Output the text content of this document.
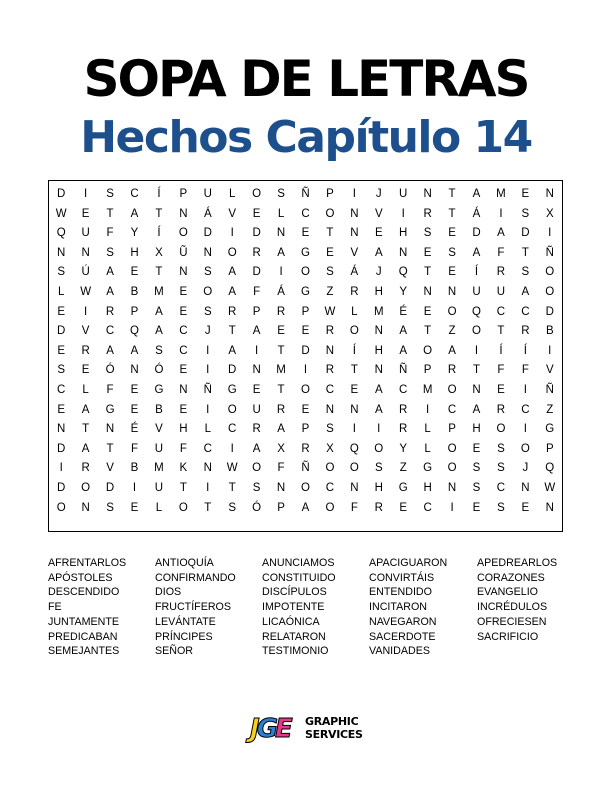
SOPA DE LETRAS
Hechos Capítulo 14
D	I	S	C	Í	P	U	L	O	S	Ñ	P	I	J	U	N	T	A	M	E	N
W	E	T	A	T	N	Á	V	E	L	C	O	N	V	I	R	T	Á	I	S	X
Q	U	F	Y	Í	O	D	I	D	N	E	T	N	E	H	S	E	D	A	D	I
N	N	S	H	X	Ũ	N	O	R	A	G	E	V	A	N	E	S	A	F	T	Ñ
S	Ú	A	E	T	N	S	A	D	I	O	S	Á	J	Q	T	E	Í	R	S	O
L	W	A	B	M	E	O	A	F	Á	G	Z	R	H	Y	N	N	U	U	A	O
E	I	R	P	A	E	S	R	P	R	P	W	L	M	É	E	O	Q	C	C	D
D	V	C	Q	A	C	J	T	A	E	E	R	O	N	A	T	Z	O	T	R	B
E	R	A	A	S	C	I	A	I	T	D	N	Í	H	A	O	A	I	Í	Í	I
S	E	Ó	N	Ó	E	I	D	N	M	I	R	T	N	Ñ	P	R	T	F	F	V
C	L	F	E	G	N	Ñ	G	E	T	O	C	E	A	C	M	O	N	E	I	Ñ
E	A	G	E	B	E	I	O	U	R	E	N	N	A	R	I	C	A	R	C	Z
N	T	N	É	V	H	L	C	R	A	P	S	I	I	R	L	P	H	O	I	G
D	A	T	F	U	F	C	I	A	X	R	X	Q	O	Y	L	O	E	S	O	P
I	R	V	B	M	K	N	W	O	F	Ñ	O	O	S	Z	G	O	S	S	J	Q
D	O	D	I	U	T	I	T	S	N	O	C	N	H	G	H	N	S	C	N	W
O	N	S	E	L	O	T	S	Ó	P	A	O	F	R	E	C	I	E	S	E	N
AFRENTARLOS	ANTIOQUÍA	ANUNCIAMOS	APACIGUARON	APEDREARLOS
APÓSTOLES	CONFIRMANDO	CONSTITUIDO	CONVIRTÁIS	CORAZONES
DESCENDIDO	DIOS	DISCÍPULOS	ENTENDIDO	EVANGELIO
FE	FRUCTÍFEROS	IMPOTENTE	INCITARON	INCRÉDULOS
JUNTAMENTE	LEVÁNTATE	LICAÓNICA	NAVEGARON	OFRECIESEN
PREDICABAN	PRÍNCIPES	RELATARON	SACERDOTE	SACRIFICIO
SEMEJANTES	SEÑOR	TESTIMONIO	VANIDADES
JGE	GRAPHIC
SERVICES
